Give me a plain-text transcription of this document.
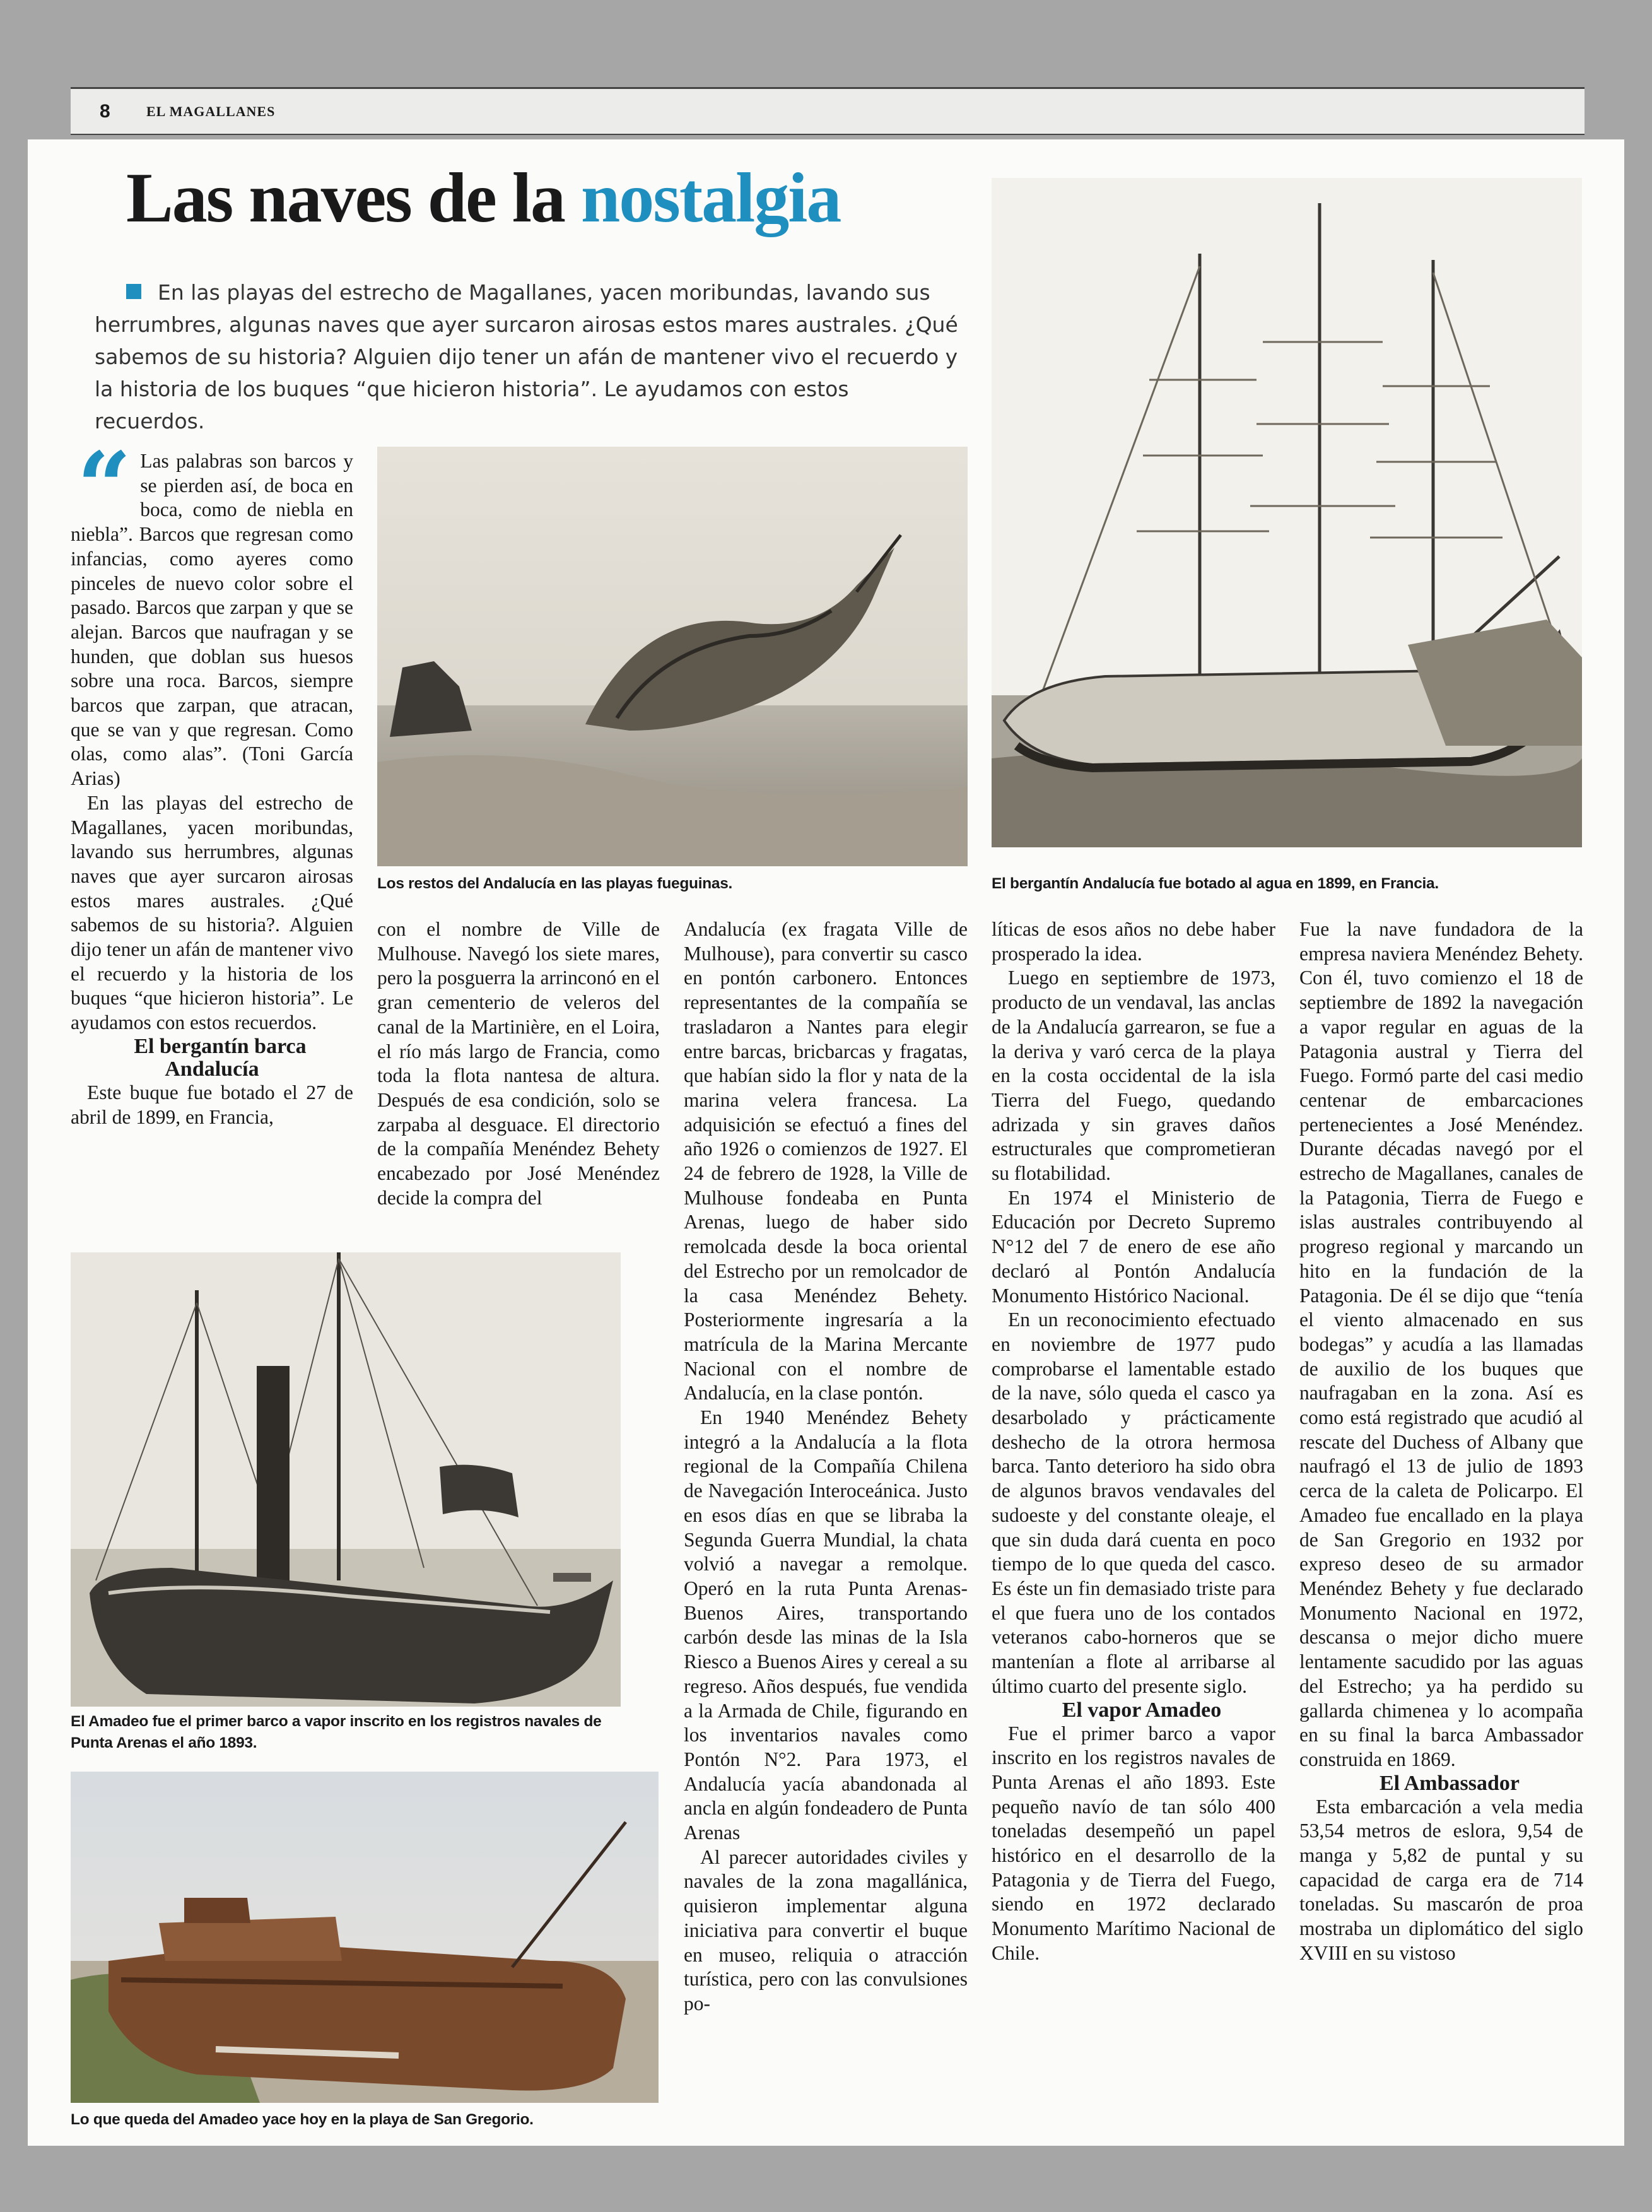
8	EL MAGALLANES
Las naves de la nostalgia
En las playas del estrecho de Magallanes, yacen moribundas, lavando sus herrumbres, algunas naves que ayer surcaron airosas estos mares australes. ¿Qué sabemos de su historia? Alguien dijo tener un afán de mantener vivo el recuerdo y la historia de los buques “que hicieron historia”. Le ayudamos con estos recuerdos.
Los restos del Andalucía en las playas fueguinas.	El bergantín Andalucía fue botado al agua en 1899, en Francia.
El Amadeo fue el primer barco a vapor inscrito en los registros navales de Punta Arenas el año 1893.
Lo que queda del Amadeo yace hoy en la playa de San Gregorio.
“ Las palabras son barcos y se pierden así, de boca en boca, como de niebla en niebla”. Barcos que regresan como infancias, como ayeres como pinceles de nuevo color sobre el pasado. Barcos que zarpan y que se alejan. Barcos que naufragan y se hunden, que doblan sus huesos sobre una roca. Barcos, siempre barcos que zarpan, que atracan, que se van y que regresan. Como olas, como alas”. (Toni García Arias)

En las playas del estrecho de Magallanes, yacen moribundas, lavando sus herrumbres, algunas naves que ayer surcaron airosas estos mares australes. ¿Qué sabemos de su historia?. Alguien dijo tener un afán de mantener vivo el recuerdo y la historia de los buques “que hicieron historia”. Le ayudamos con estos recuerdos.

El bergantín barca Andalucía

Este buque fue botado el 27 de abril de 1899, en Francia,

con el nombre de Ville de Mulhouse. Navegó los siete mares, pero la posguerra la arrinconó en el gran cementerio de veleros del canal de la Martinière, en el Loira, el río más largo de Francia, como toda la flota nantesa de altura. Después de esa condición, solo se zarpaba al desguace. El directorio de la compañía Menéndez Behety encabezado por José Menéndez decide la compra del

Andalucía (ex fragata Ville de Mulhouse), para convertir su casco en pontón carbonero. Entonces representantes de la compañía se trasladaron a Nantes para elegir entre barcas, bricbarcas y fragatas, que habían sido la flor y nata de la marina velera francesa. La adquisición se efectuó a fines del año 1926 o comienzos de 1927. El 24 de febrero de 1928, la Ville de Mulhouse fondeaba en Punta Arenas, luego de haber sido remolcada desde la boca oriental del Estrecho por un remolcador de la casa Menéndez Behety. Posteriormente ingresaría a la matrícula de la Marina Mercante Nacional con el nombre de Andalucía, en la clase pontón.

En 1940 Menéndez Behety integró a la Andalucía a la flota regional de la Compañía Chilena de Navegación Interoceánica. Justo en esos días en que se libraba la Segunda Guerra Mundial, la chata volvió a navegar a remolque. Operó en la ruta Punta Arenas-Buenos Aires, transportando carbón desde las minas de la Isla Riesco a Buenos Aires y cereal a su regreso. Años después, fue vendida a la Armada de Chile, figurando en los inventarios navales como Pontón N°2. Para 1973, el Andalucía yacía abandonada al ancla en algún fondeadero de Punta Arenas

Al parecer autoridades civiles y navales de la zona magallánica, quisieron implementar alguna iniciativa para convertir el buque en museo, reliquia o atracción turística, pero con las convulsiones po-

líticas de esos años no debe haber prosperado la idea.

Luego en septiembre de 1973, producto de un vendaval, las anclas de la Andalucía garrearon, se fue a la deriva y varó cerca de la playa en la costa occidental de la isla Tierra del Fuego, quedando adrizada y sin graves daños estructurales que comprometieran su flotabilidad.

En 1974 el Ministerio de Educación por Decreto Supremo N°12 del 7 de enero de ese año declaró al Pontón Andalucía Monumento Histórico Nacional.

En un reconocimiento efectuado en noviembre de 1977 pudo comprobarse el lamentable estado de la nave, sólo queda el casco ya desarbolado y prácticamente deshecho de la otrora hermosa barca. Tanto deterioro ha sido obra de algunos bravos vendavales del sudoeste y del constante oleaje, el que sin duda dará cuenta en poco tiempo de lo que queda del casco. Es éste un fin demasiado triste para el que fuera uno de los contados veteranos cabo-horneros que se mantenían a flote al arribarse al último cuarto del presente siglo.

El vapor Amadeo

Fue el primer barco a vapor inscrito en los registros navales de Punta Arenas el año 1893. Este pequeño navío de tan sólo 400 toneladas desempeñó un papel histórico en el desarrollo de la Patagonia y de Tierra del Fuego, siendo en 1972 declarado Monumento Marítimo Nacional de Chile.

Fue la nave fundadora de la empresa naviera Menéndez Behety. Con él, tuvo comienzo el 18 de septiembre de 1892 la navegación a vapor regular en aguas de la Patagonia austral y Tierra del Fuego. Formó parte del casi medio centenar de embarcaciones pertenecientes a José Menéndez. Durante décadas navegó por el estrecho de Magallanes, canales de la Patagonia, Tierra de Fuego e islas australes contribuyendo al progreso regional y marcando un hito en la fundación de la Patagonia. De él se dijo que “tenía el viento almacenado en sus bodegas” y acudía a las llamadas de auxilio de los buques que naufragaban en la zona. Así es como está registrado que acudió al rescate del Duchess of Albany que naufragó el 13 de julio de 1893 cerca de la caleta de Policarpo. El Amadeo fue encallado en la playa de San Gregorio en 1932 por expreso deseo de su armador Menéndez Behety y fue declarado Monumento Nacional en 1972, descansa o mejor dicho muere lentamente sacudido por las aguas del Estrecho; ya ha perdido su gallarda chimenea y lo acompaña en su final la barca Ambassador construida en 1869.

El Ambassador

Esta embarcación a vela media 53,54 metros de eslora, 9,54 de manga y 5,82 de puntal y su capacidad de carga era de 714 toneladas. Su mascarón de proa mostraba un diplomático del siglo XVIII en su vistoso
